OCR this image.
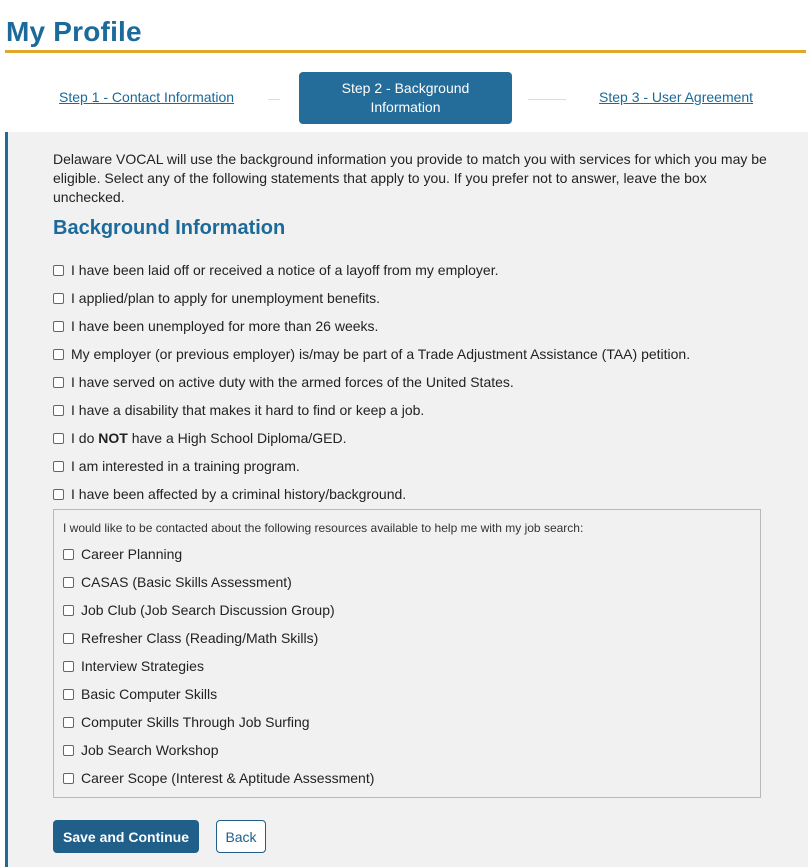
My Profile
Step 1 - Contact Information
Step 2 - Background Information
Step 3 - User Agreement

Delaware VOCAL will use the background information you provide to match you with services for which you may be eligible. Select any of the following statements that apply to you. If you prefer not to answer, leave the box unchecked.

Background Information
I have been laid off or received a notice of a layoff from my employer.
I applied/plan to apply for unemployment benefits.
I have been unemployed for more than 26 weeks.
My employer (or previous employer) is/may be part of a Trade Adjustment Assistance (TAA) petition.
I have served on active duty with the armed forces of the United States.
I have a disability that makes it hard to find or keep a job.
I do NOT have a High School Diploma/GED.
I am interested in a training program.
I have been affected by a criminal history/background.
I would like to be contacted about the following resources available to help me with my job search:
Career Planning
CASAS (Basic Skills Assessment)
Job Club (Job Search Discussion Group)
Refresher Class (Reading/Math Skills)
Interview Strategies
Basic Computer Skills
Computer Skills Through Job Surfing
Job Search Workshop
Career Scope (Interest & Aptitude Assessment)
Save and Continue	Back
